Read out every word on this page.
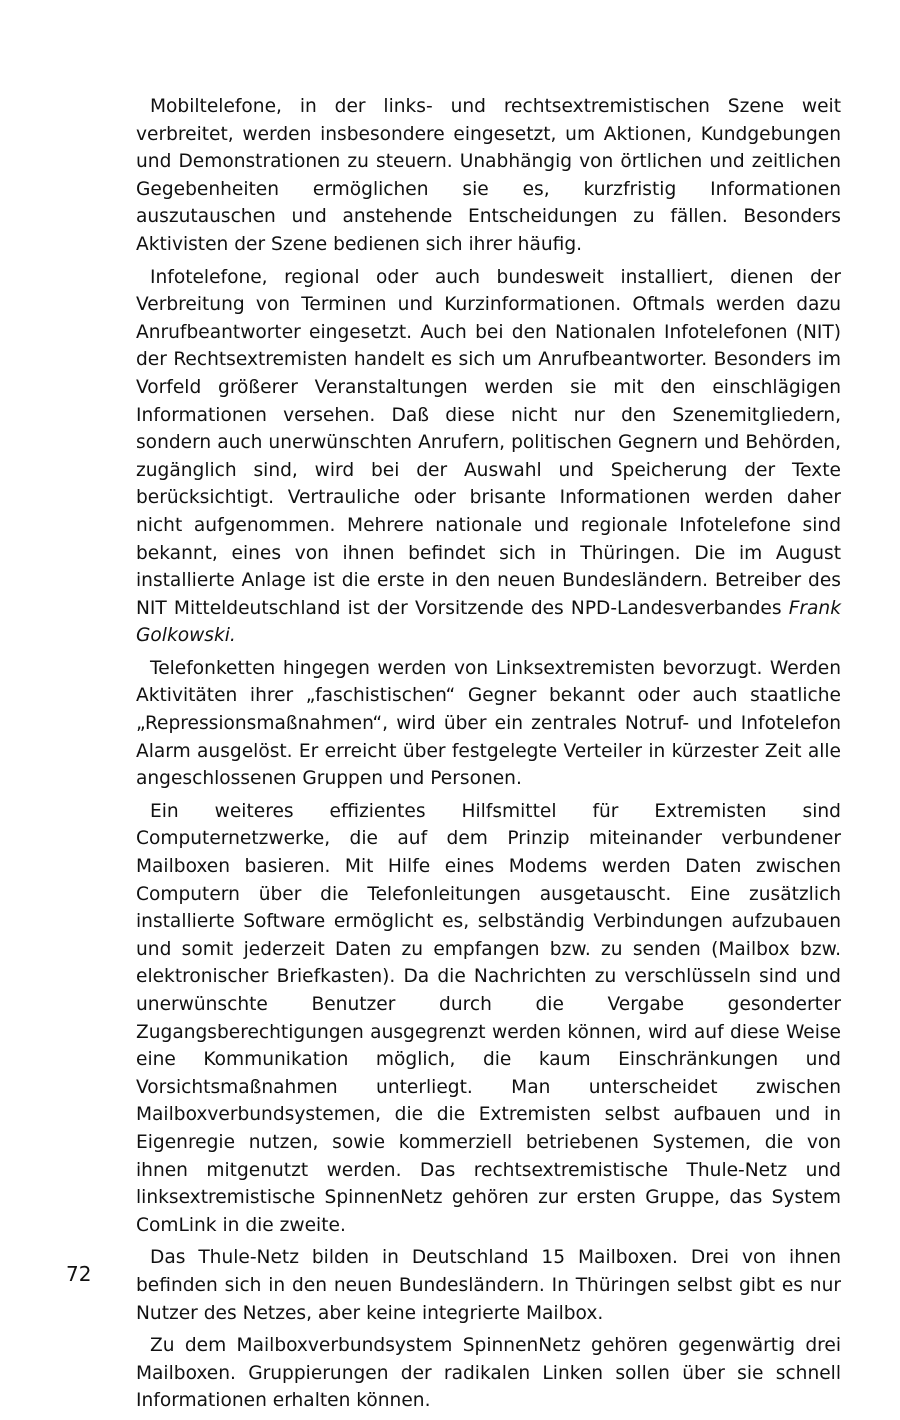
Mobiltelefone, in der links- und rechtsextremistischen Szene weit verbreitet, werden insbesondere eingesetzt, um Aktionen, Kundgebungen und Demonstrationen zu steuern. Unabhängig von örtlichen und zeitlichen Gegebenheiten ermöglichen sie es, kurzfristig Informationen auszutauschen und anstehende Entscheidungen zu fällen. Besonders Aktivisten der Szene bedienen sich ihrer häufig.

Infotelefone, regional oder auch bundesweit installiert, dienen der Verbreitung von Terminen und Kurzinformationen. Oftmals werden dazu Anrufbeantworter eingesetzt. Auch bei den Nationalen Infotelefonen (NIT) der Rechtsextremisten handelt es sich um Anrufbeantworter. Besonders im Vorfeld größerer Veranstaltungen werden sie mit den einschlägigen Informationen versehen. Daß diese nicht nur den Szenemitgliedern, sondern auch unerwünschten Anrufern, politischen Gegnern und Behörden, zugänglich sind, wird bei der Auswahl und Speicherung der Texte berücksichtigt. Vertrauliche oder brisante Informationen werden daher nicht aufgenommen. Mehrere nationale und regionale Infotelefone sind bekannt, eines von ihnen befindet sich in Thüringen. Die im August installierte Anlage ist die erste in den neuen Bundesländern. Betreiber des NIT Mitteldeutschland ist der Vorsitzende des NPD-Landesverbandes Frank Golkowski.

Telefonketten hingegen werden von Linksextremisten bevorzugt. Werden Aktivitäten ihrer „faschistischen“ Gegner bekannt oder auch staatliche „Repressionsmaßnahmen“, wird über ein zentrales Notruf- und Infotelefon Alarm ausgelöst. Er erreicht über festgelegte Verteiler in kürzester Zeit alle angeschlossenen Gruppen und Personen.

Ein weiteres effizientes Hilfsmittel für Extremisten sind Computernetzwerke, die auf dem Prinzip miteinander verbundener Mailboxen basieren. Mit Hilfe eines Modems werden Daten zwischen Computern über die Telefonleitungen ausgetauscht. Eine zusätzlich installierte Software ermöglicht es, selbständig Verbindungen aufzubauen und somit jederzeit Daten zu empfangen bzw. zu senden (Mailbox bzw. elektronischer Briefkasten). Da die Nachrichten zu verschlüsseln sind und unerwünschte Benutzer durch die Vergabe gesonderter Zugangsberechtigungen ausgegrenzt werden können, wird auf diese Weise eine Kommunikation möglich, die kaum Einschränkungen und Vorsichtsmaßnahmen unterliegt. Man unterscheidet zwischen Mailboxverbundsystemen, die die Extremisten selbst aufbauen und in Eigenregie nutzen, sowie kommerziell betriebenen Systemen, die von ihnen mitgenutzt werden. Das rechtsextremistische Thule-Netz und linksextremistische SpinnenNetz gehören zur ersten Gruppe, das System ComLink in die zweite.

Das Thule-Netz bilden in Deutschland 15 Mailboxen. Drei von ihnen befinden sich in den neuen Bundesländern. In Thüringen selbst gibt es nur Nutzer des Netzes, aber keine integrierte Mailbox.

Zu dem Mailboxverbundsystem SpinnenNetz gehören gegenwärtig drei Mailboxen. Gruppierungen der radikalen Linken sollen über sie schnell Informationen erhalten können.

72
